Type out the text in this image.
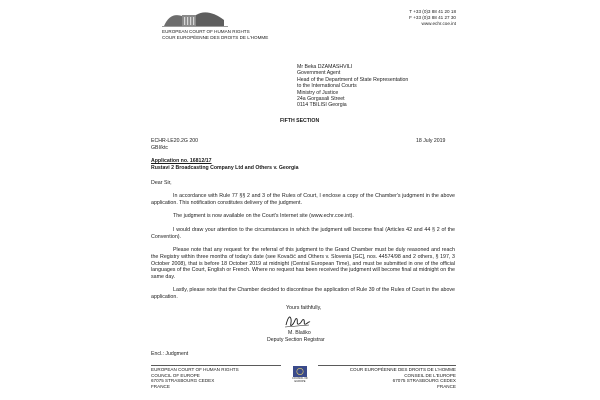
EUROPEAN COURT OF HUMAN RIGHTS
COUR EUROPÉENNE DES DROITS DE L'HOMME
T +33 (0)3 88 41 20 18
F +33 (0)3 88 41 27 30
www.echr.coe.int
Mr Beka DZAMASHVILI
Government Agent
Head of the Department of State Representation
to the International Courts
Ministry of Justice
24a Gorgasali Street
0114 TBILISI Georgia
FIFTH SECTION
ECHR-LE20.2G 200
GBI/ktc
18 July 2019
Application no. 16812/17
Rustavi 2 Broadcasting Company Ltd and Others v. Georgia
Dear Sir,
In accordance with Rule 77 §§ 2 and 3 of the Rules of Court, I enclose a copy of the Chamber's judgment in the above application. This notification constitutes delivery of the judgment.
The judgment is now available on the Court's Internet site (www.echr.coe.int).
I would draw your attention to the circumstances in which the judgment will become final (Articles 42 and 44 § 2 of the Convention).
Please note that any request for the referral of this judgment to the Grand Chamber must be duly reasoned and reach the Registry within three months of today's date (see Kovačić and Others v. Slovenia [GC], nos. 44574/98 and 2 others, § 197, 3 October 2008), that is before 18 October 2019 at midnight (Central European Time), and must be submitted in one of the official languages of the Court, English or French. Where no request has been received the judgment will become final at midnight on the same day.
Lastly, please note that the Chamber decided to discontinue the application of Rule 39 of the Rules of Court in the above application.
Yours faithfully,
M. Blaško
Deputy Section Registrar
Encl.: Judgment
EUROPEAN COURT OF HUMAN RIGHTS
COUNCIL OF EUROPE
67075 STRASBOURG CEDEX
FRANCE
COUNCIL OF EUROPE
COUR EUROPÉENNE DES DROITS DE L'HOMME
CONSEIL DE L'EUROPE
67075 STRASBOURG CEDEX
FRANCE
